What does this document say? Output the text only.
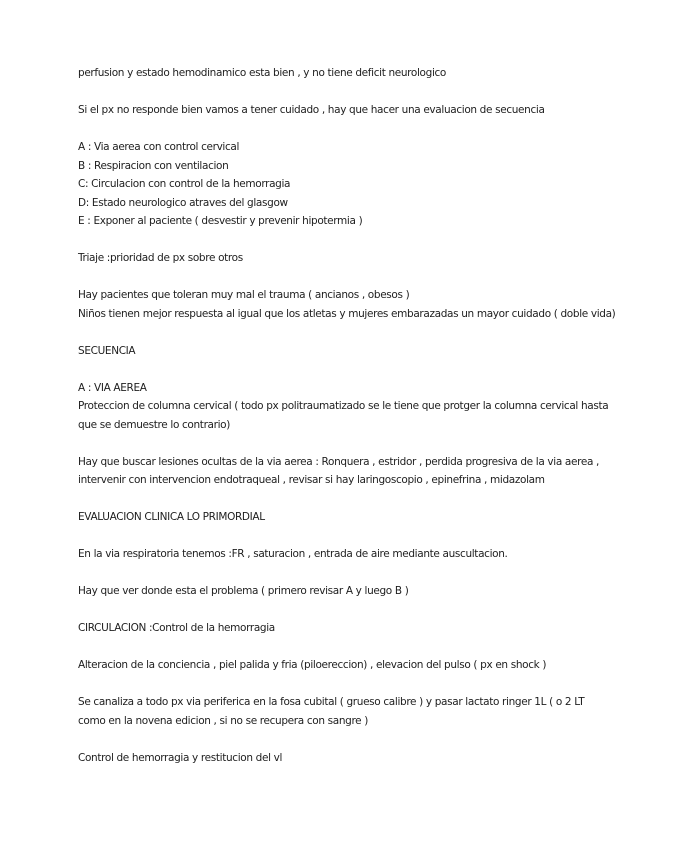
perfusion y estado hemodinamico esta bien , y no tiene deficit neurologico

Si el px no responde bien vamos a tener cuidado , hay que hacer una evaluacion de secuencia

A : Via aerea con control cervical
B : Respiracion con ventilacion
C: Circulacion con control de la hemorragia
D: Estado neurologico atraves del glasgow
E : Exponer al paciente ( desvestir y prevenir hipotermia )

Triaje :prioridad de px sobre otros

Hay pacientes que toleran muy mal el trauma ( ancianos , obesos )
Niños tienen mejor respuesta al igual que los atletas y mujeres embarazadas un mayor cuidado ( doble vida)

SECUENCIA

A : VIA AEREA
Proteccion de columna cervical ( todo px politraumatizado se le tiene que protger la columna cervical hasta
que se demuestre lo contrario)

Hay que buscar lesiones ocultas de la via aerea : Ronquera , estridor , perdida progresiva de la via aerea ,
intervenir con intervencion endotraqueal , revisar si hay laringoscopio , epinefrina , midazolam

EVALUACION CLINICA LO PRIMORDIAL

En la via respiratoria tenemos :FR , saturacion , entrada de aire mediante auscultacion.

Hay que ver donde esta el problema ( primero revisar A y luego B )

CIRCULACION :Control de la hemorragia

Alteracion de la conciencia , piel palida y fria (piloereccion) , elevacion del pulso ( px en shock )

Se canaliza a todo px via periferica en la fosa cubital ( grueso calibre ) y pasar lactato ringer 1L ( o 2 LT
como en la novena edicion , si no se recupera con sangre )

Control de hemorragia y restitucion del vl
